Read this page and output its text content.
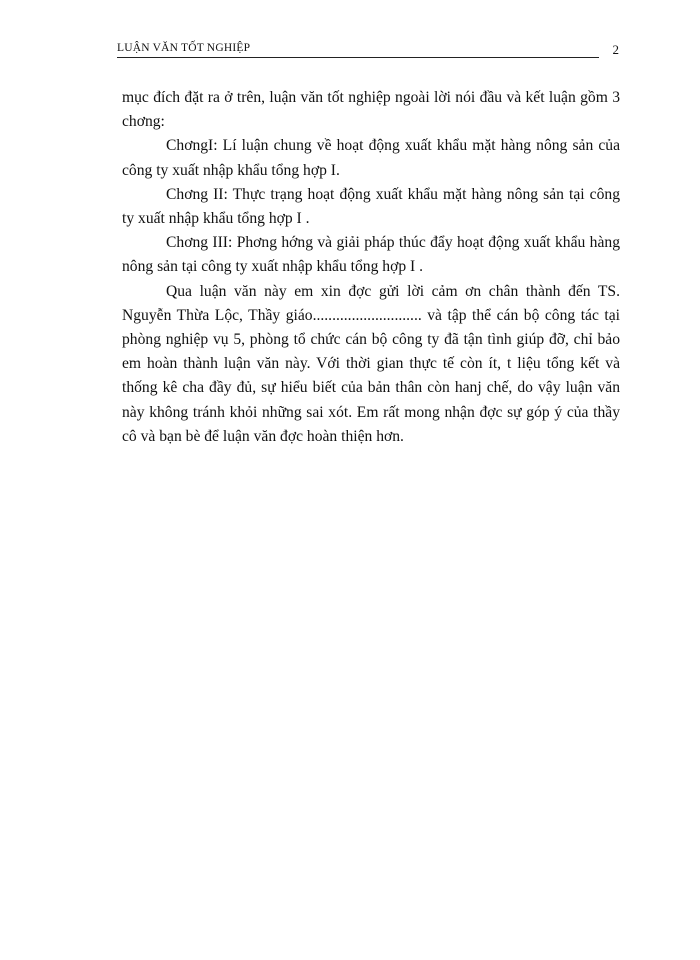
LUẬN VĂN TỐT NGHIỆP	2

mục đích đặt ra ở trên, luận văn tốt nghiệp ngoài lời nói đầu và kết luận gồm 3 chơng:

ChơngI: Lí luận chung về hoạt động xuất khẩu mặt hàng nông sản của công ty xuất nhập khẩu tổng hợp I.

Chơng II: Thực trạng hoạt động xuất khẩu mặt hàng nông sản tại công ty xuất nhập khẩu tổng hợp I .

Chơng III: Phơng hớng và giải pháp thúc đẩy hoạt động xuất khẩu hàng nông sản tại công ty xuất nhập khẩu tổng hợp I .

Qua luận văn này em xin đợc gửi lời cảm ơn chân thành đến TS. Nguyễn Thừa Lộc, Thầy giáo............................ và tập thể cán bộ công tác tại phòng nghiệp vụ 5, phòng tổ chức cán bộ công ty đã tận tình giúp đỡ, chỉ bảo em hoàn thành luận văn này. Với thời gian thực tế còn ít, t liệu tổng kết và thống kê cha đầy đủ, sự hiểu biết của bản thân còn hanj chế, do vậy luận văn này không tránh khỏi những sai xót. Em rất mong nhận đợc sự góp ý của thầy cô và bạn bè để luận văn đợc hoàn thiện hơn.
